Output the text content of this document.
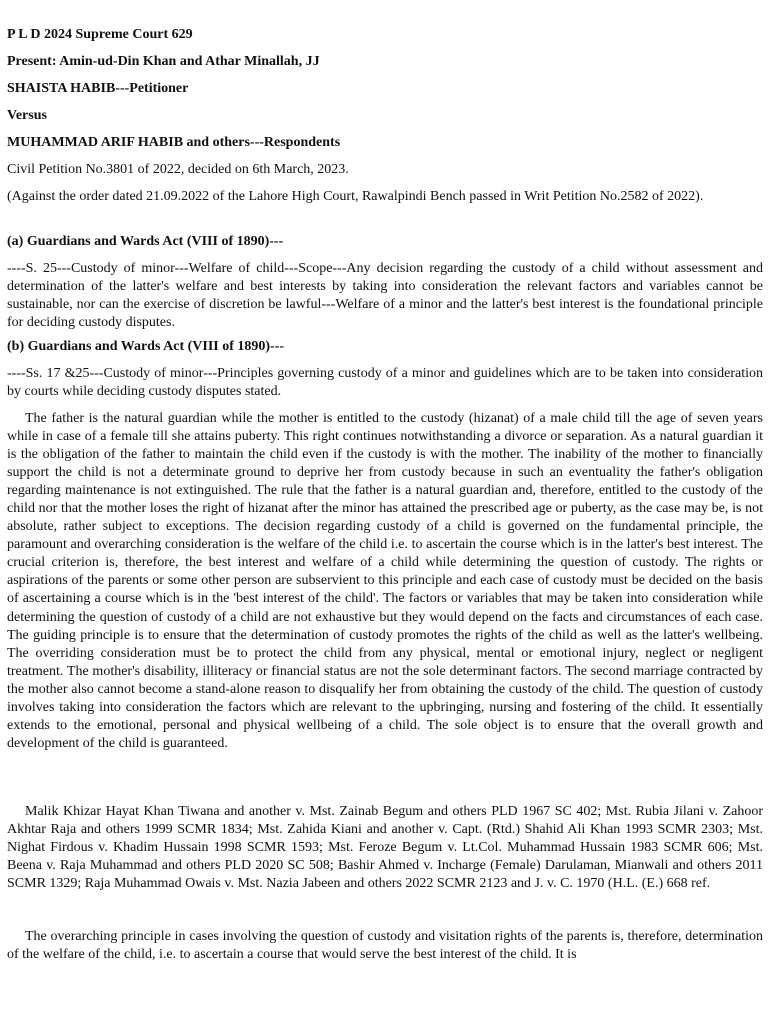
P L D 2024 Supreme Court 629

Present: Amin-ud-Din Khan and Athar Minallah, JJ

SHAISTA HABIB---Petitioner

Versus

MUHAMMAD ARIF HABIB and others---Respondents

Civil Petition No.3801 of 2022, decided on 6th March, 2023.

(Against the order dated 21.09.2022 of the Lahore High Court, Rawalpindi Bench passed in Writ Petition No.2582 of 2022).

(a) Guardians and Wards Act (VIII of 1890)---

----S. 25---Custody of minor---Welfare of child---Scope---Any decision regarding the custody of a child without assessment and determination of the latter's welfare and best interests by taking into consideration the relevant factors and variables cannot be sustainable, nor can the exercise of discretion be lawful---Welfare of a minor and the latter's best interest is the foundational principle for deciding custody disputes.

(b) Guardians and Wards Act (VIII of 1890)---

----Ss. 17 &25---Custody of minor---Principles governing custody of a minor and guidelines which are to be taken into consideration by courts while deciding custody disputes stated.

The father is the natural guardian while the mother is entitled to the custody (hizanat) of a male child till the age of seven years while in case of a female till she attains puberty. This right continues notwithstanding a divorce or separation. As a natural guardian it is the obligation of the father to maintain the child even if the custody is with the mother. The inability of the mother to financially support the child is not a determinate ground to deprive her from custody because in such an eventuality the father's obligation regarding maintenance is not extinguished. The rule that the father is a natural guardian and, therefore, entitled to the custody of the child nor that the mother loses the right of hizanat after the minor has attained the prescribed age or puberty, as the case may be, is not absolute, rather subject to exceptions. The decision regarding custody of a child is governed on the fundamental principle, the paramount and overarching consideration is the welfare of the child i.e. to ascertain the course which is in the latter's best interest. The crucial criterion is, therefore, the best interest and welfare of a child while determining the question of custody. The rights or aspirations of the parents or some other person are subservient to this principle and each case of custody must be decided on the basis of ascertaining a course which is in the 'best interest of the child'. The factors or variables that may be taken into consideration while determining the question of custody of a child are not exhaustive but they would depend on the facts and circumstances of each case. The guiding principle is to ensure that the determination of custody promotes the rights of the child as well as the latter's wellbeing. The overriding consideration must be to protect the child from any physical, mental or emotional injury, neglect or negligent treatment. The mother's disability, illiteracy or financial status are not the sole determinant factors. The second marriage contracted by the mother also cannot become a stand-alone reason to disqualify her from obtaining the custody of the child. The question of custody involves taking into consideration the factors which are relevant to the upbringing, nursing and fostering of the child. It essentially extends to the emotional, personal and physical wellbeing of a child. The sole object is to ensure that the overall growth and development of the child is guaranteed.

Malik Khizar Hayat Khan Tiwana and another v. Mst. Zainab Begum and others PLD 1967 SC 402; Mst. Rubia Jilani v. Zahoor Akhtar Raja and others 1999 SCMR 1834; Mst. Zahida Kiani and another v. Capt. (Rtd.) Shahid Ali Khan 1993 SCMR 2303; Mst. Nighat Firdous v. Khadim Hussain 1998 SCMR 1593; Mst. Feroze Begum v. Lt.Col. Muhammad Hussain 1983 SCMR 606; Mst. Beena v. Raja Muhammad and others PLD 2020 SC 508; Bashir Ahmed v. Incharge (Female) Darulaman, Mianwali and others 2011 SCMR 1329; Raja Muhammad Owais v. Mst. Nazia Jabeen and others 2022 SCMR 2123 and J. v. C. 1970 (H.L. (E.) 668 ref.

The overarching principle in cases involving the question of custody and visitation rights of the parents is, therefore, determination of the welfare of the child, i.e. to ascertain a course that would serve the best interest of the child. It is
